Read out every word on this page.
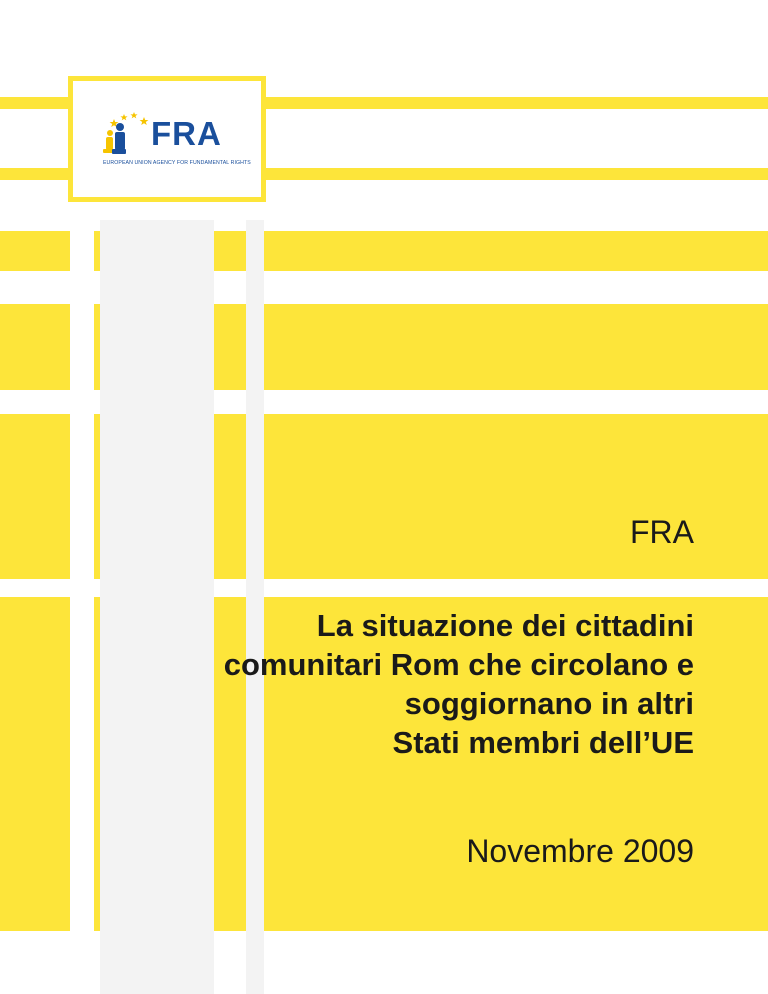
FRA
EUROPEAN UNION AGENCY FOR FUNDAMENTAL RIGHTS
FRA
La situazione dei cittadini
comunitari Rom che circolano e
soggiornano in altri
Stati membri dell’UE
Novembre 2009
